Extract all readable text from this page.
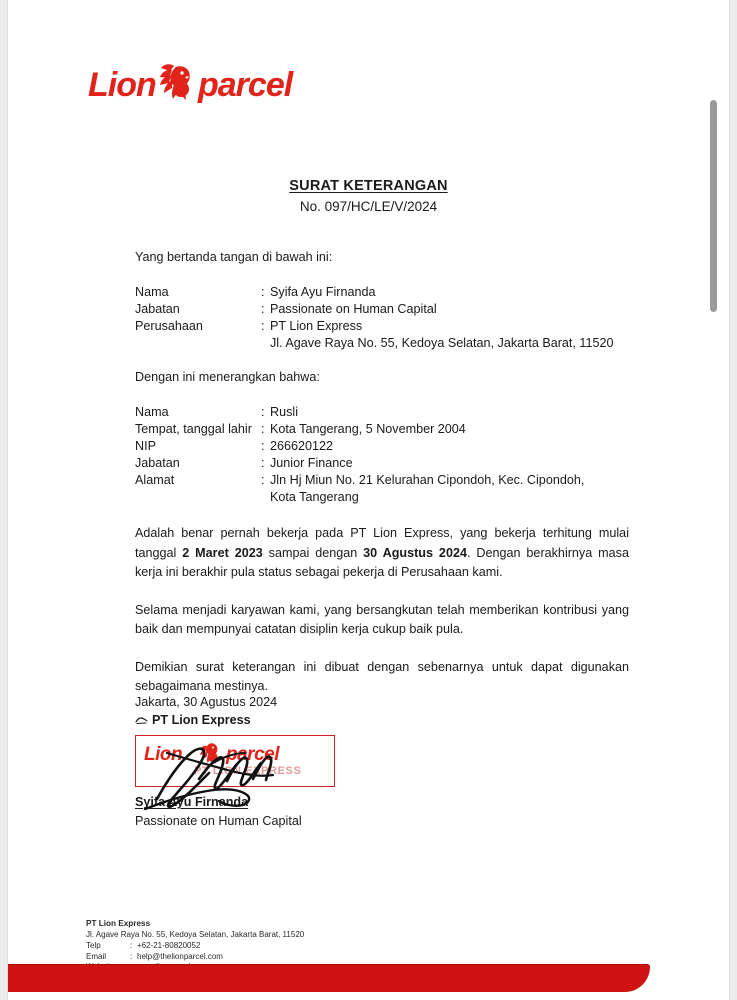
Lion parcel
SURAT KETERANGAN
No. 097/HC/LE/V/2024

Yang bertanda tangan di bawah ini:

Nama	:	Syifa Ayu Firnanda
Jabatan	:	Passionate on Human Capital
Perusahaan	:	PT Lion Express
		Jl. Agave Raya No. 55, Kedoya Selatan, Jakarta Barat, 11520

Dengan ini menerangkan bahwa:

Nama	:	Rusli
Tempat, tanggal lahir	:	Kota Tangerang, 5 November 2004
NIP	:	266620122
Jabatan	:	Junior Finance
Alamat	:	Jln Hj Miun No. 21 Kelurahan Cipondoh, Kec. Cipondoh,
		Kota Tangerang

Adalah benar pernah bekerja pada PT Lion Express, yang bekerja terhitung mulai tanggal 2 Maret 2023 sampai dengan 30 Agustus 2024. Dengan berakhirnya masa kerja ini berakhir pula status sebagai pekerja di Perusahaan kami.

Selama menjadi karyawan kami, yang bersangkutan telah memberikan kontribusi yang baik dan mempunyai catatan disiplin kerja cukup baik pula.

Demikian surat keterangan ini dibuat dengan sebenarnya untuk dapat digunakan sebagaimana mestinya.

Jakarta, 30 Agustus 2024
PT Lion Express
Lion parcel
PT LION EXPRESS
Syifa Ayu Firnanda
Passionate on Human Capital
PT Lion Express
Jl. Agave Raya No. 55, Kedoya Selatan, Jakarta Barat, 11520
Telp	:	+62-21-80820052
Email	:	help@thelionparcel.com
